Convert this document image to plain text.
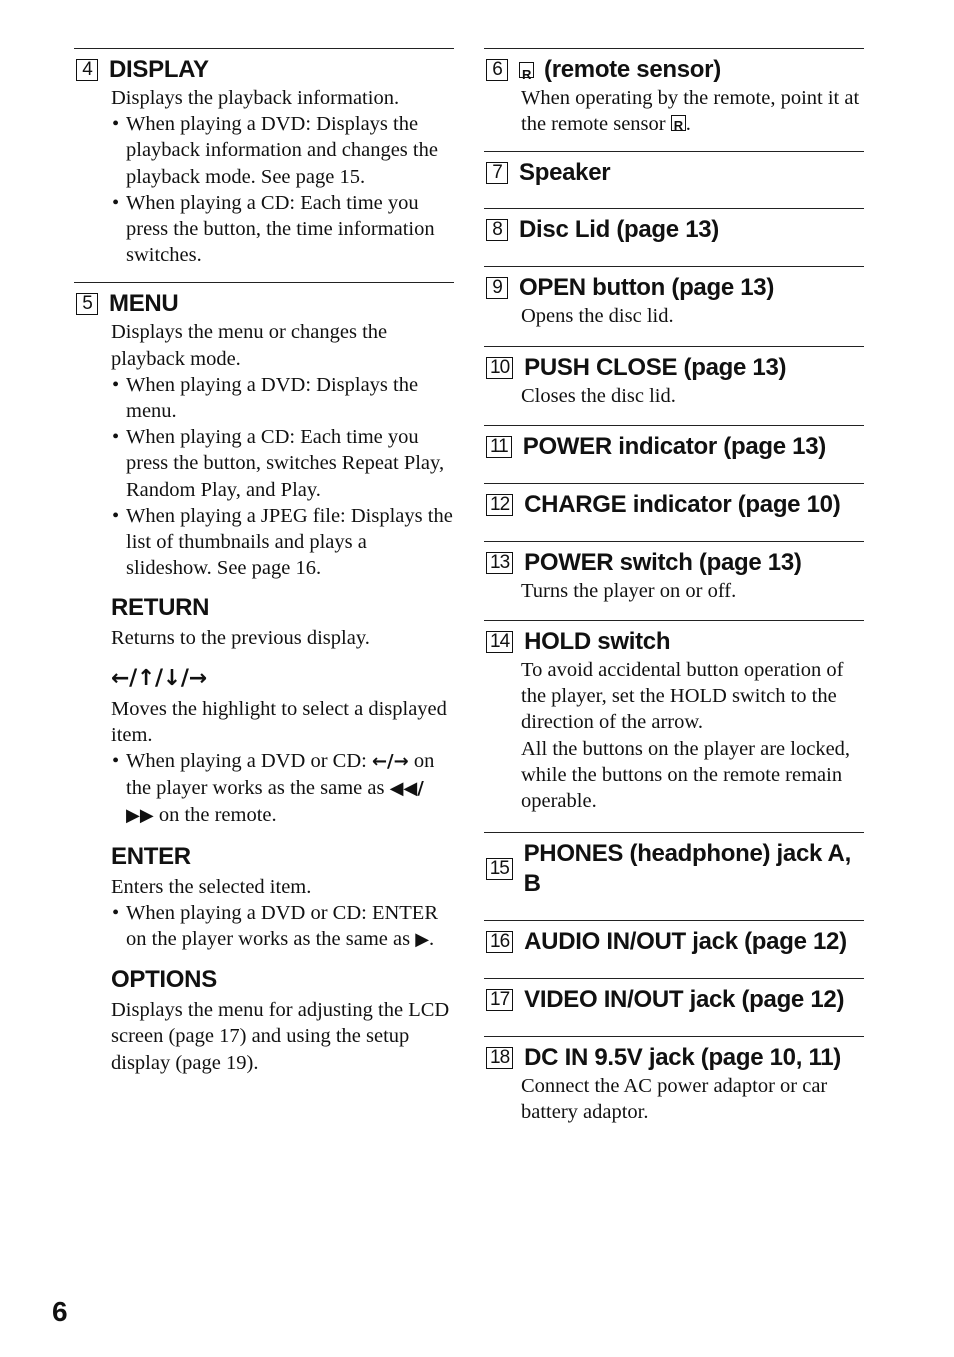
4 DISPLAY

Displays the playback information.

• When playing a DVD: Displays the playback information and changes the playback mode. See page 15.
• When playing a CD: Each time you press the button, the time information switches.
5 MENU

Displays the menu or changes the playback mode.

• When playing a DVD: Displays the menu.
• When playing a CD: Each time you press the button, switches Repeat Play, Random Play, and Play.
• When playing a JPEG file: Displays the list of thumbnails and plays a slideshow. See page 16.
RETURN

Returns to the previous display.

←/↑/↓/→

Moves the highlight to select a displayed item.

• When playing a DVD or CD: ←/→ on the player works as the same as ◀◀/ ▶▶ on the remote.
ENTER

Enters the selected item.

• When playing a DVD or CD: ENTER on the player works as the same as ▶.
OPTIONS

Displays the menu for adjusting the LCD screen (page 17) and using the setup display (page 19).

6
R (remote sensor)

When operating by the remote, point it at the remote sensor R.

7 Speaker
8 Disc Lid (page 13)
9 OPEN button (page 13)

Opens the disc lid.

10 PUSH CLOSE (page 13)

Closes the disc lid.

11 POWER indicator (page 13)
12 CHARGE indicator (page 10)
13 POWER switch (page 13)

Turns the player on or off.

14 HOLD switch

To avoid accidental button operation of the player, set the HOLD switch to the direction of the arrow.

All the buttons on the player are locked, while the buttons on the remote remain operable.

15
PHONES (headphone) jack A, B
16 AUDIO IN/OUT jack (page 12)
17 VIDEO IN/OUT jack (page 12)
18 DC IN 9.5V jack (page 10, 11)

Connect the AC power adaptor or car battery adaptor.

6
